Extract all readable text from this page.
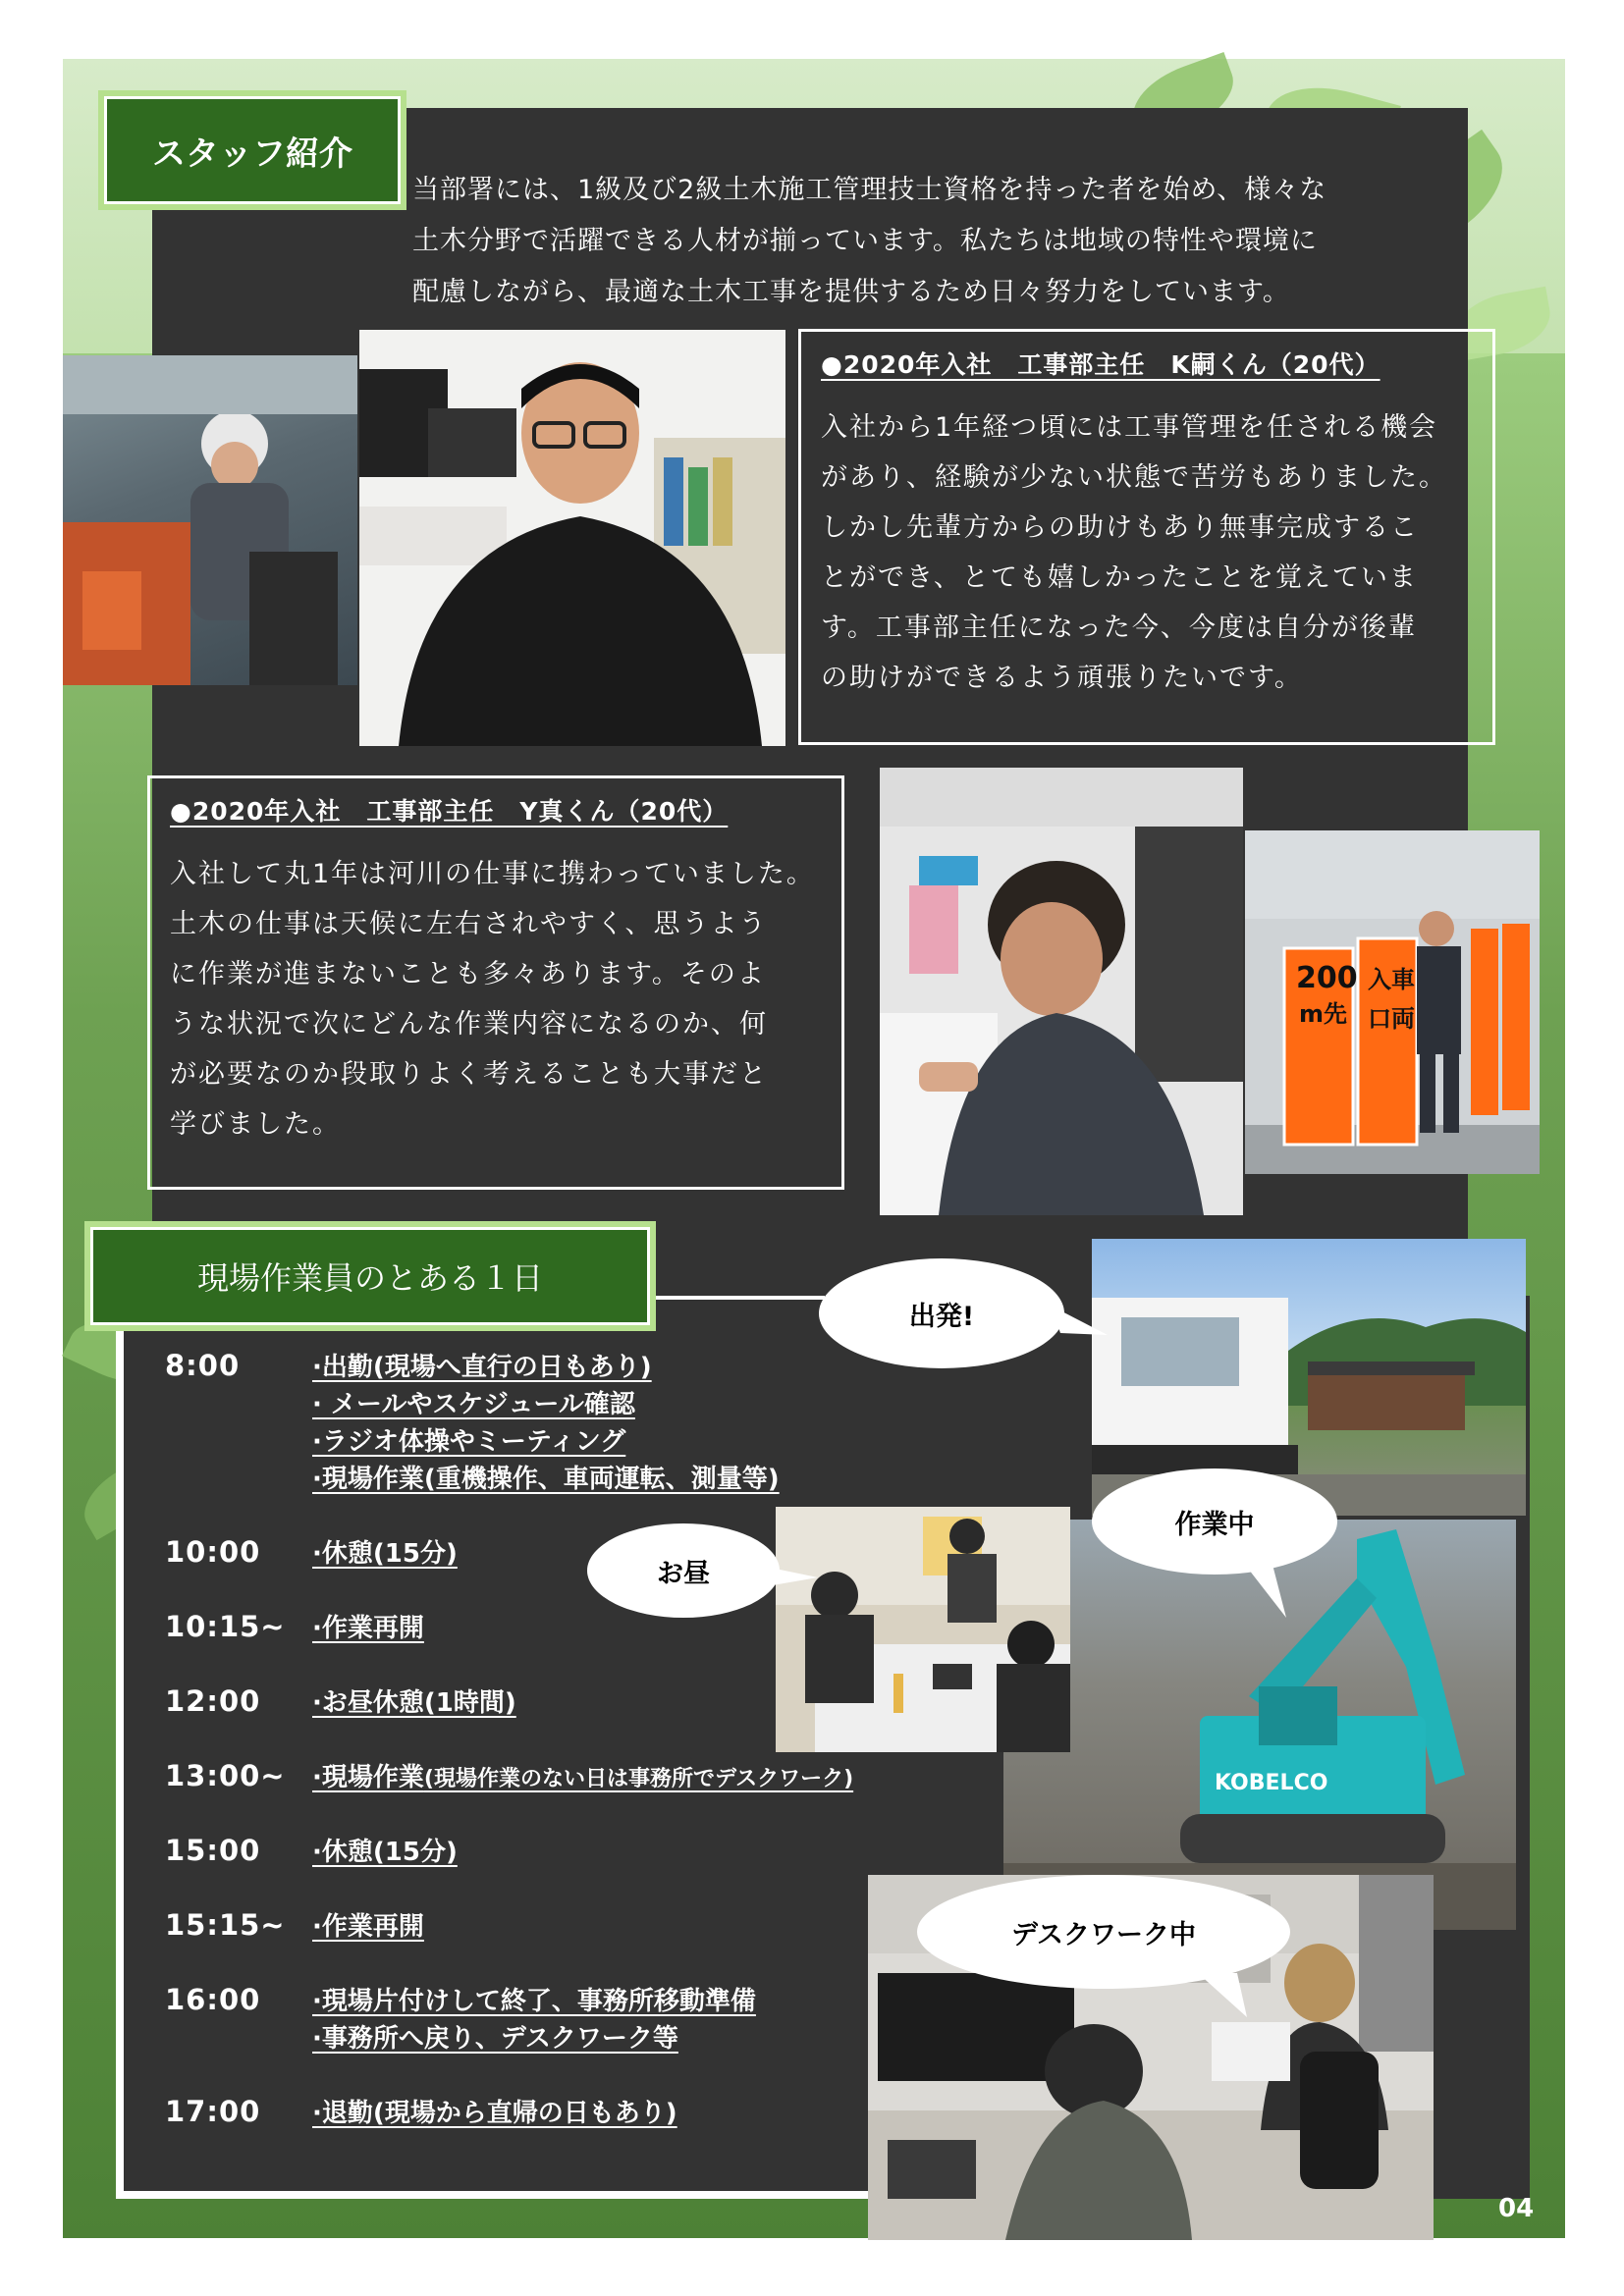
スタッフ紹介
当部署には、1級及び2級土木施工管理技士資格を持った者を始め、様々な
土木分野で活躍できる人材が揃っています。私たちは地域の特性や環境に
配慮しながら、最適な土木工事を提供するため日々努力をしています。
●2020年入社　工事部主任　K嗣くん（20代）
入社から1年経つ頃には工事管理を任される機会
があり、経験が少ない状態で苦労もありました。
しかし先輩方からの助けもあり無事完成するこ
とができ、とても嬉しかったことを覚えていま
す。工事部主任になった今、今度は自分が後輩
の助けができるよう頑張りたいです。
●2020年入社　工事部主任　Y真くん（20代）
入社して丸1年は河川の仕事に携わっていました。
土木の仕事は天候に左右されやすく、思うよう
に作業が進まないことも多々あります。そのよ
うな状況で次にどんな作業内容になるのか、何
が必要なのか段取りよく考えることも大事だと
学びました。
200
m先
入車
口両
現場作業員のとある１日
8:00	·出勤(現場へ直行の日もあり)
· メールやスケジュール確認
·ラジオ体操やミーティング
·現場作業(重機操作、車両運転、測量等)
10:00 ·休憩(15分)
10:15~ ·作業再開
12:00 ·お昼休憩(1時間)
13:00~ ·現場作業(現場作業のない日は事務所でデスクワーク)
15:00 ·休憩(15分)
15:15~ ·作業再開
16:00 ·現場片付けして終了、事務所移動準備
·事務所へ戻り、デスクワーク等
17:00 ·退勤(現場から直帰の日もあり)
KOBELCO
出発!
作業中
お昼
デスクワーク中
04
